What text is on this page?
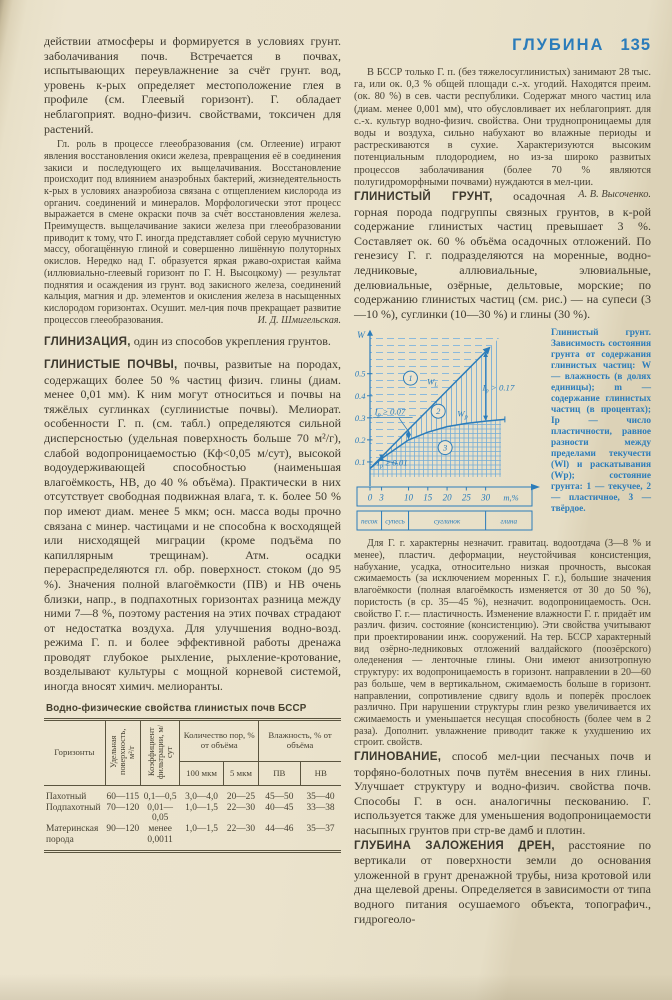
действии атмосферы и формируется в условиях грунт. заболачивания почв. Встречается в почвах, испытывающих переувлажнение за счёт грунт. вод, уровень к-рых определяет местоположение глея в профиле (см. Глеевый горизонт). Г. обладает неблагоприят. водно-физич. свойствами, токсичен для растений.

Гл. роль в процессе глееобразования (см. Оглеение) играют явления восстановления окиси железа, превращения её в соединения закиси и последующего их выщелачивания. Восстановление происходит под влиянием анаэробных бактерий, жизнедеятельность к-рых в условиях анаэробиоза связана с отщеплением кислорода из органич. соединений и минералов. Морфологически этот процесс выражается в смене окраски почв за счёт восстановления железа. Преимуществ. выщелачивание закиси железа при глееобразовании приводит к тому, что Г. иногда представляет собой серую мучнистую массу, обогащённую глиной и совершенно лишённую полуторных окислов. Нередко над Г. образуется яркая ржаво-охристая кайма (иллювиально-глеевый горизонт по Г. Н. Высоцкому) — результат поднятия и осаждения из грунт. вод закисного железа, соединений кальция, магния и др. элементов и окисления железа в насыщенных кислородом горизонтах. Осушит. мел-ция почв прекращает развитие процессов глееобразования.	И. Д. Шмигельская.

ГЛИНИЗАЦИЯ, один из способов укрепления грунтов.

ГЛИНИСТЫЕ ПОЧВЫ, почвы, развитые на породах, содержащих более 50 % частиц физич. глины (диам. менее 0,01 мм). К ним могут относиться и почвы на тяжёлых суглинках (суглинистые почвы). Мелиорат. особенности Г. п. (см. табл.) определяются сильной дисперсностью (удельная поверхность больше 70 м²/г), слабой водопроницаемостью (Кф<0,05 м/сут), высокой водоудерживающей способностью (наименьшая влагоёмкость, НВ, до 40 % объёма). Практически в них отсутствует свободная подвижная влага, т. к. более 50 % пор имеют диам. менее 5 мкм; осн. масса воды прочно связана с минер. частицами и не способна к восходящей или нисходящей миграции (кроме подъёма по капиллярным трещинам). Атм. осадки перераспределяются гл. обр. поверхност. стоком (до 95 %). Значения полной влагоёмкости (ПВ) и НВ очень близки, напр., в подпахотных горизонтах разница между ними 7—8 %, поэтому растения на этих почвах страдают от недостатка воздуха. Для улучшения водно-возд. режима Г. п. и более эффективной работы дренажа проводят глубокое рыхление, рыхление-кротование, возделывают культуры с мощной корневой системой, иногда вносят химич. мелиоранты.

Водно-физические свойства глинистых почв БССР
Горизонты	Удельная поверхность, м²/г	Коэффициент фильтрации, м/сут	Количество пор, % от объёма		Влажность, % от объёма	
			100 мкм	5 мкм	ПВ	НВ
Пахотный	60—115	0,1—0,5	3,0—4,0	20—25	45—50	35—40
Подпахотный	70—120	0,01— 0,05	1,0—1,5	22—30	40—45	33—38
Материнская порода	90—120	менее 0,0011	1,0—1,5	22—30	44—46	35—37
ГЛУБИНА 135

В БССР только Г. п. (без тяжелосуглинистых) занимают 28 тыс. га, или ок. 0,3 % общей площади с.-х. угодий. Находятся преим. (ок. 80 %) в сев. части республики. Содержат много частиц ила (диам. менее 0,001 мм), что обусловливает их неблагоприят. для с.-х. культур водно-физич. свойства. Они труднопроницаемы для воды и воздуха, сильно набухают во влажные периоды и растрескиваются в сухие. Характеризуются высоким потенциальным плодородием, но из-за широко развитых процессов заболачивания (более 70 % являются полугидроморфными почвами) нуждаются в мел-ции.
А. В. Высоченко.

ГЛИНИСТЫЙ ГРУНТ, осадочная горная порода подгруппы связных грунтов, в к-рой содержание глинистых частиц превышает 3 %. Составляет ок. 60 % объёма осадочных отложений. По генезису Г. г. подразделяются на моренные, водно-ледниковые, аллювиальные, элювиальные, делювиальные, озёрные, дельтовые, морские; по содержанию глинистых частиц (см. рис.) — на супеси (3—10 %), суглинки (10—30 %) и глины (30 %).

W
0.1
0.2
0.3
0.4
0.5	1
2
3
$W_L$
$W_p$
$I_p > 0.17$
$I_p \ge 0.07$
$I_p \ge 0.01$
0 3 10 15 20 25 30 m,%
песок супесь	суглинок	глина
Глинистый грунт. Зависимость состояния грунта от содержания глинистых частиц: W — влажность (в долях единицы); m — содержание глинистых частиц (в процентах); Iр — число пластичности, равное разности между пределами текучести (Wl) и раскатывания (Wр); состояние грунта: 1 — текучее, 2 — пластичное, 3 — твёрдое.

Для Г. г. характерны незначит. гравитац. водоотдача (3—8 % и менее), пластич. деформации, неустойчивая консистенция, набухание, усадка, относительно низкая прочность, высокая сжимаемость (за исключением моренных Г. г.), большие значения влагоёмкости (полная влагоёмкость изменяется от 30 до 50 %), пористость (в ср. 35—45 %), незначит. водопроницаемость. Осн. свойство Г. г.— пластичность. Изменение влажности Г. г. придаёт им различ. физич. состояние (консистенцию). Эти свойства учитывают при проектировании инж. сооружений. На тер. БССР характерный вид озёрно-ледниковых отложений валдайского (поозёрского) оледенения — ленточные глины. Они имеют анизотропную структуру: их водопроницаемость в горизонт. направлении в 20—60 раз больше, чем в вертикальном, сжимаемость больше в горизонт. направлении, сопротивление сдвигу вдоль и поперёк прослоек различно. При нарушении структуры глин резко увеличивается их сжимаемость и уменьшается несущая способность (более чем в 2 раза). Дополнит. увлажнение приводит также к ухудшению их строит. свойств.

ГЛИНОВАНИЕ, способ мел-ции песчаных почв и торфяно-болотных почв путём внесения в них глины. Улучшает структуру и водно-физич. свойства почв. Способы Г. в осн. аналогичны пескованию. Г. используется также для уменьшения водопроницаемости насыпных грунтов при стр-ве дамб и плотин.

ГЛУБИНА ЗАЛОЖЕНИЯ ДРЕН, расстояние по вертикали от поверхности земли до основания уложенной в грунт дренажной трубы, низа кротовой или дна щелевой дрены. Определяется в зависимости от типа водного питания осушаемого объекта, топографич., гидрогеоло-
